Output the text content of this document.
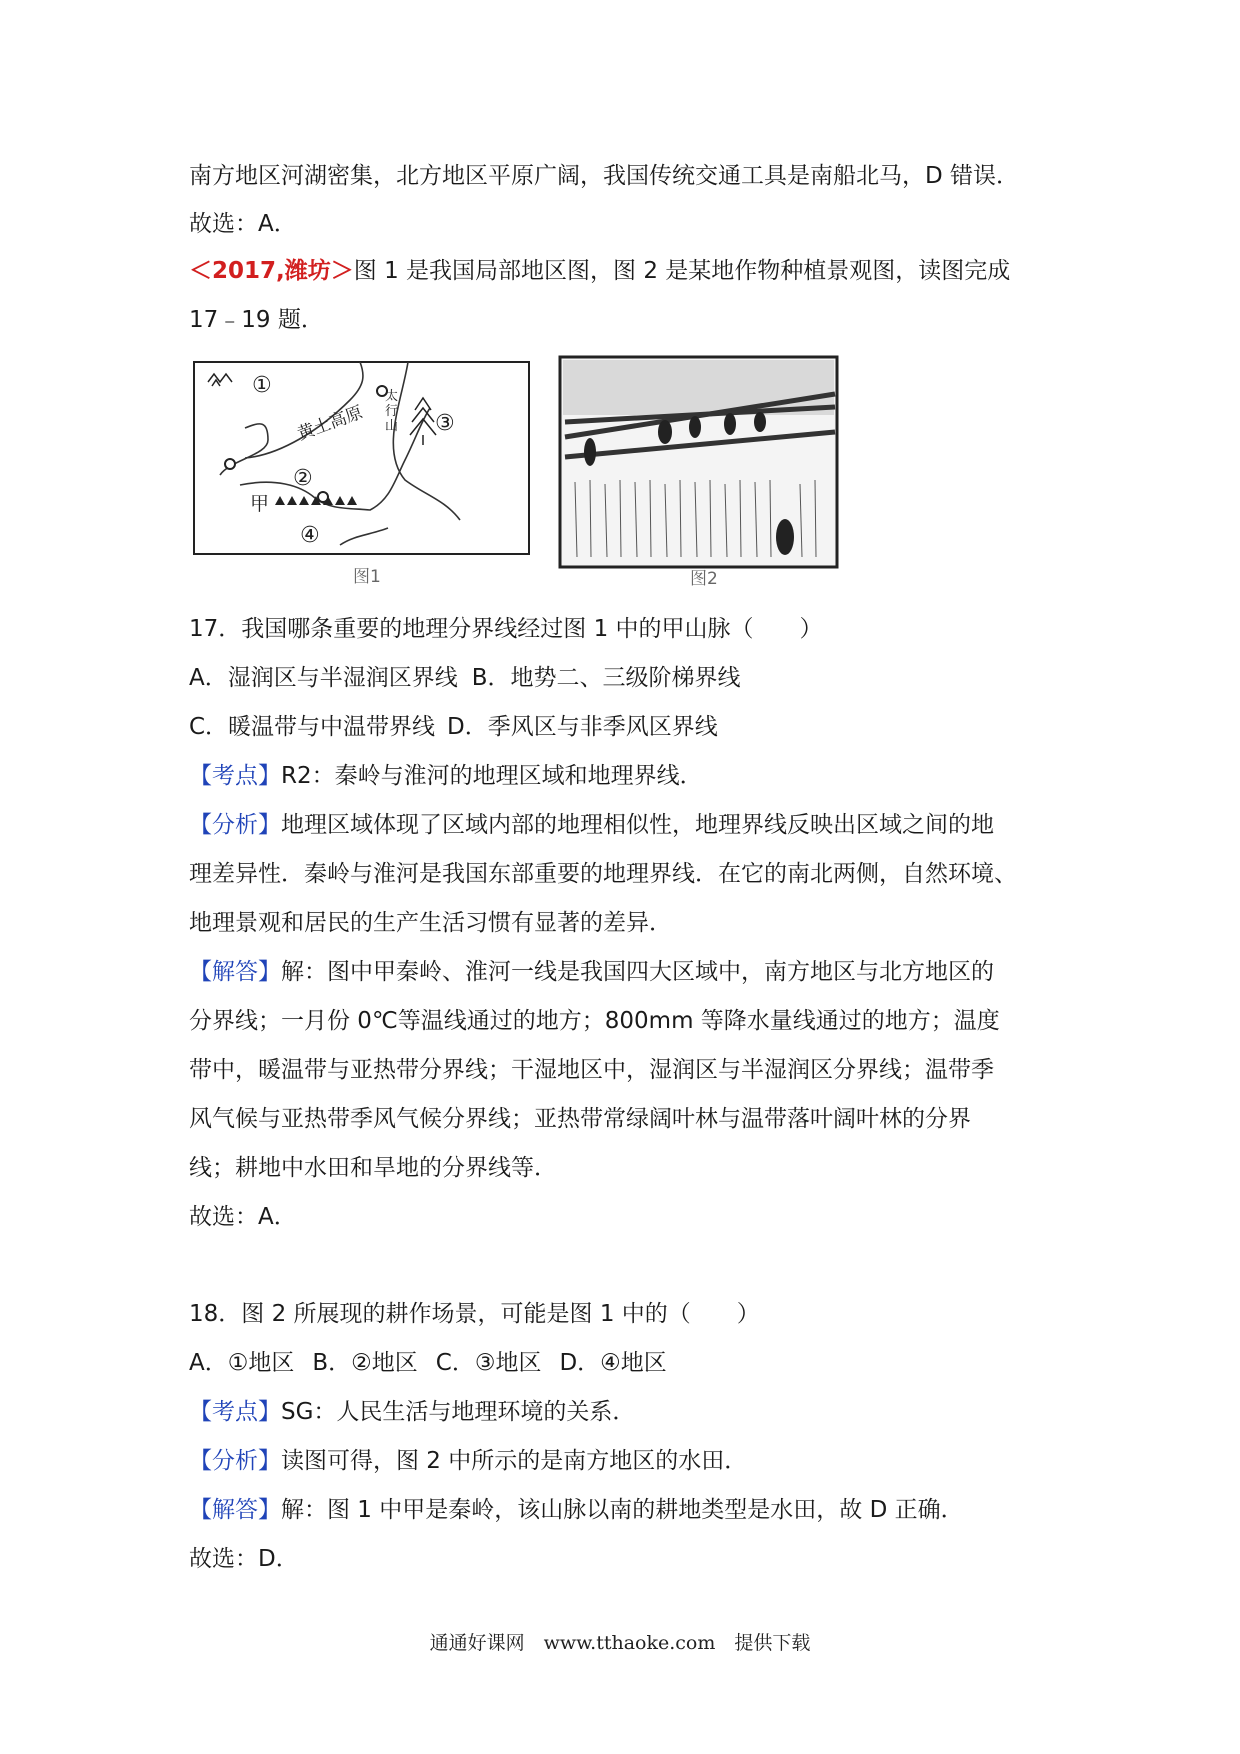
南方地区河湖密集，北方地区平原广阔，我国传统交通工具是南船北马，D 错误．
故选：A．
＜2017,潍坊＞图 1 是我国局部地区图，图 2 是某地作物种植景观图，读图完成
17﹣19 题．
①
②
③
④
黄土高原
甲
太行山
图1	图2
17．我国哪条重要的地理分界线经过图 1 中的甲山脉（　　）
A．湿润区与半湿润区界线 B．地势二、三级阶梯界线
C．暖温带与中温带界线 D．季风区与非季风区界线
【考点】R2：秦岭与淮河的地理区域和地理界线．
【分析】地理区域体现了区域内部的地理相似性，地理界线反映出区域之间的地
理差异性．秦岭与淮河是我国东部重要的地理界线．在它的南北两侧，自然环境、
地理景观和居民的生产生活习惯有显著的差异．
【解答】解：图中甲秦岭、淮河一线是我国四大区域中，南方地区与北方地区的
分界线；一月份 0℃等温线通过的地方；800mm 等降水量线通过的地方；温度
带中，暖温带与亚热带分界线；干湿地区中，湿润区与半湿润区分界线；温带季
风气候与亚热带季风气候分界线；亚热带常绿阔叶林与温带落叶阔叶林的分界
线；耕地中水田和旱地的分界线等．
故选：A．
18．图 2 所展现的耕作场景，可能是图 1 中的（　　）
A．①地区 B．②地区 C．③地区 D．④地区
【考点】SG：人民生活与地理环境的关系．
【分析】读图可得，图 2 中所示的是南方地区的水田．
【解答】解：图 1 中甲是秦岭，该山脉以南的耕地类型是水田，故 D 正确．
故选：D．
通通好课网　www.tthaoke.com　提供下载
